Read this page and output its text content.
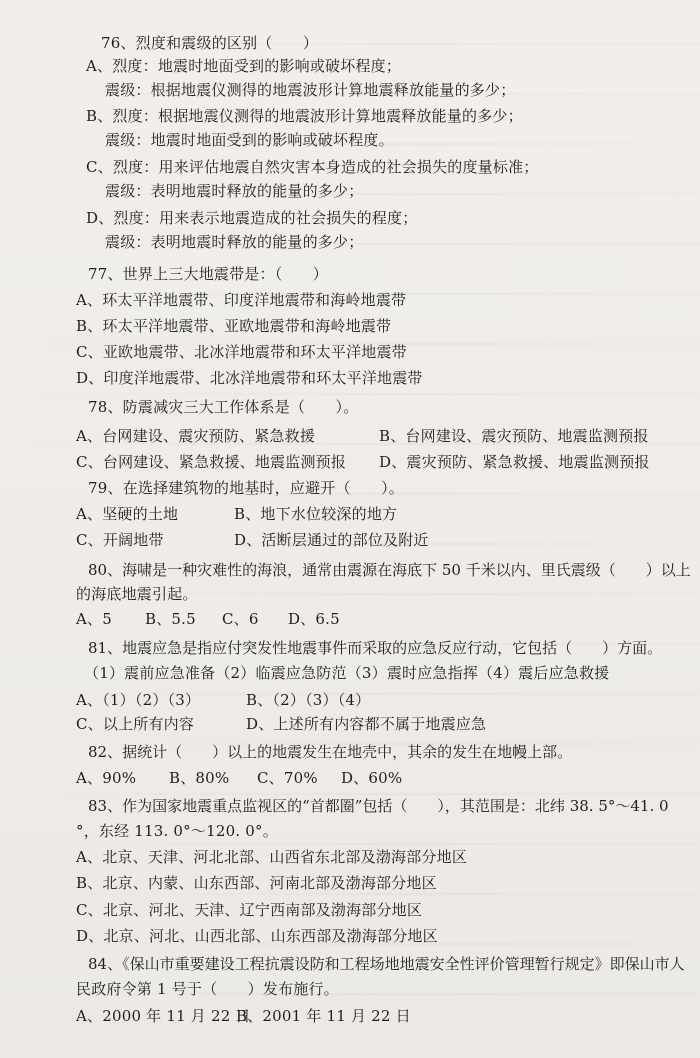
76、烈度和震级的区别（　　）
A、烈度：地震时地面受到的影响或破坏程度；
震级：根据地震仪测得的地震波形计算地震释放能量的多少；
B、烈度：根据地震仪测得的地震波形计算地震释放能量的多少；
震级：地震时地面受到的影响或破坏程度。
C、烈度：用来评估地震自然灾害本身造成的社会损失的度量标准；
震级：表明地震时释放的能量的多少；
D、烈度：用来表示地震造成的社会损失的程度；
震级：表明地震时释放的能量的多少；
77、世界上三大地震带是：（　　）
A、环太平洋地震带、印度洋地震带和海岭地震带
B、环太平洋地震带、亚欧地震带和海岭地震带
C、亚欧地震带、北冰洋地震带和环太平洋地震带
D、印度洋地震带、北冰洋地震带和环太平洋地震带
78、防震减灾三大工作体系是（　　）。
A、台网建设、震灾预防、紧急救援	B、台网建设、震灾预防、地震监测预报
C、台网建设、紧急救援、地震监测预报 D、震灾预防、紧急救援、地震监测预报
79、在选择建筑物的地基时，应避开（　　）。
A、坚硬的土地	B、地下水位较深的地方
C、开阔地带	D、活断层通过的部位及附近
80、海啸是一种灾难性的海浪，通常由震源在海底下 50 千米以内、里氏震级（　　）以上
的海底地震引起。
A、5 B、5.5 C、6 D、6.5
81、地震应急是指应付突发性地震事件而采取的应急反应行动，它包括（　　）方面。
（1）震前应急准备（2）临震应急防范（3）震时应急指挥（4）震后应急救援
A、（1）（2）（3）	B、（2）（3）（4）
C、以上所有内容	D、上述所有内容都不属于地震应急
82、据统计（　　）以上的地震发生在地壳中，其余的发生在地幔上部。
A、90% B、80% C、70% D、60%
83、作为国家地震重点监视区的“首都圈”包括（　　），其范围是：北纬 38. 5°～41. 0
°，东经 113. 0°～120. 0°。
A、北京、天津、河北北部、山西省东北部及渤海部分地区
B、北京、内蒙、山东西部、河南北部及渤海部分地区
C、北京、河北、天津、辽宁西南部及渤海部分地区
D、北京、河北、山西北部、山东西部及渤海部分地区
84、《保山市重要建设工程抗震设防和工程场地地震安全性评价管理暂行规定》即保山市人
民政府令第 1 号于（　　）发布施行。
A、2000 年 11 月 22 日
B、2001 年 11 月 22 日
